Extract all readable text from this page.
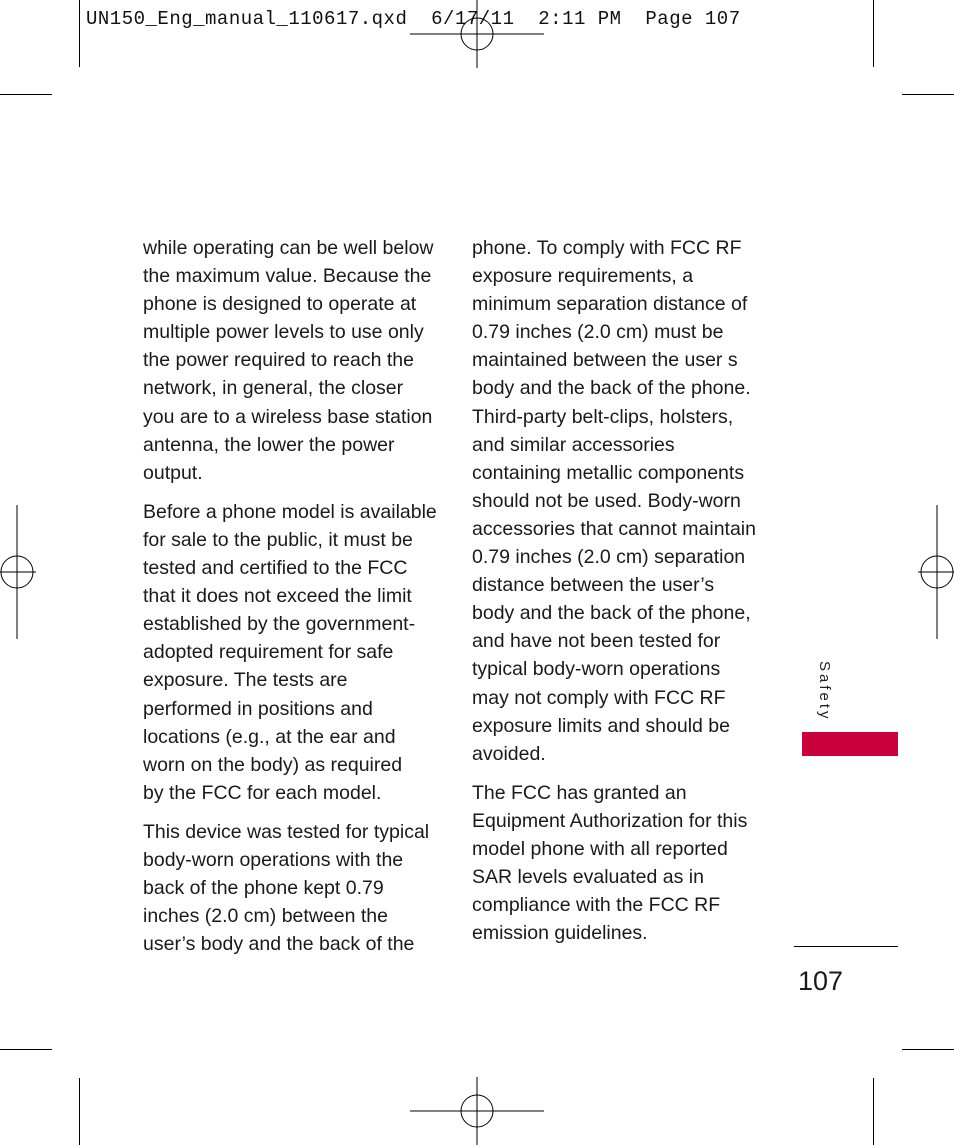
UN150_Eng_manual_110617.qxd  6/17/11  2:11 PM  Page 107

while operating can be well below
the maximum value. Because the
phone is designed to operate at
multiple power levels to use only
the power required to reach the
network, in general, the closer
you are to a wireless base station
antenna, the lower the power
output.

Before a phone model is available
for sale to the public, it must be
tested and certified to the FCC
that it does not exceed the limit
established by the government-
adopted requirement for safe
exposure. The tests are
performed in positions and
locations (e.g., at the ear and
worn on the body) as required
by the FCC for each model.

This device was tested for typical
body-worn operations with the
back of the phone kept 0.79
inches (2.0 cm) between the
user’s body and the back of the

phone. To comply with FCC RF
exposure requirements, a
minimum separation distance of
0.79 inches (2.0 cm) must be
maintained between the user s
body and the back of the phone.
Third-party belt-clips, holsters,
and similar accessories
containing metallic components
should not be used. Body-worn
accessories that cannot maintain
0.79 inches (2.0 cm) separation
distance between the user’s
body and the back of the phone,
and have not been tested for
typical body-worn operations
may not comply with FCC RF
exposure limits and should be
avoided.

The FCC has granted an
Equipment Authorization for this
model phone with all reported
SAR levels evaluated as in
compliance with the FCC RF
emission guidelines.

Safety
107
